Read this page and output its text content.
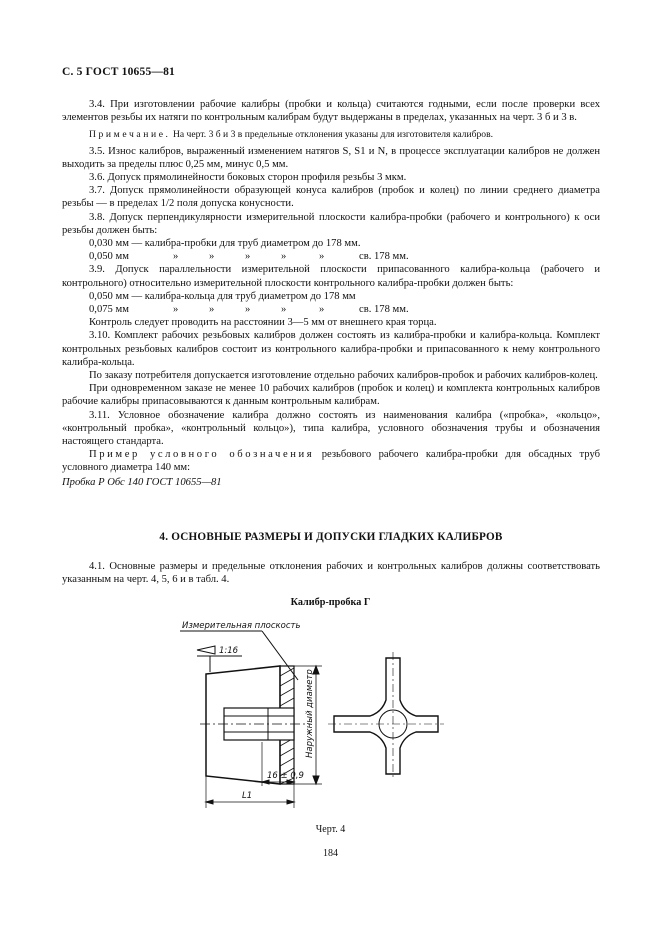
С. 5 ГОСТ 10655—81

3.4. При изготовлении рабочие калибры (пробки и кольца) считаются годными, если после проверки всех элементов резьбы их натяги по контрольным калибрам будут выдержаны в пределах, указанных на черт. 3 б и 3 в.

Примечание. На черт. 3 б и 3 в предельные отклонения указаны для изготовителя калибров.

3.5. Износ калибров, выраженный изменением натягов S, S1 и N, в процессе эксплуатации калибров не должен выходить за пределы плюс 0,25 мм, минус 0,5 мм.

3.6. Допуск прямолинейности боковых сторон профиля резьбы 3 мкм.

3.7. Допуск прямолинейности образующей конуса калибров (пробок и колец) по линии среднего диаметра резьбы — в пределах 1/2 поля допуска конусности.

3.8. Допуск перпендикулярности измерительной плоскости калибра-пробки (рабочего и контрольного) к оси резьбы должен быть:

0,030 мм — калибра-пробки для труб диаметром до 178 мм.

0,050 мм	»	»	»	»	»	св. 178 мм.

3.9. Допуск параллельности измерительной плоскости припасованного калибра-кольца (рабочего и контрольного) относительно измерительной плоскости контрольного калибра-пробки должен быть:

0,050 мм — калибра-кольца для труб диаметром до 178 мм

0,075 мм	»	»	»	»	»	св. 178 мм.

Контроль следует проводить на расстоянии 3—5 мм от внешнего края торца.

3.10. Комплект рабочих резьбовых калибров должен состоять из калибра-пробки и калибра-кольца. Комплект контрольных резьбовых калибров состоит из контрольного калибра-пробки и припасованного к нему контрольного калибра-кольца.

По заказу потребителя допускается изготовление отдельно рабочих калибров-пробок и рабочих калибров-колец.

При одновременном заказе не менее 10 рабочих калибров (пробок и колец) и комплекта контрольных калибров рабочие калибры припасовываются к данным контрольным калибрам.

3.11. Условное обозначение калибра должно состоять из наименования калибра («пробка», «кольцо», «контрольный пробка», «контрольный кольцо»), типа калибра, условного обозначения трубы и обозначения настоящего стандарта.

Пример условного обозначения резьбового рабочего калибра-пробки для обсадных труб условного диаметра 140 мм:

Пробка Р Обс 140 ГОСТ 10655—81

4. ОСНОВНЫЕ РАЗМЕРЫ И ДОПУСКИ ГЛАДКИХ КАЛИБРОВ

4.1. Основные размеры и предельные отклонения рабочих и контрольных калибров должны соответствовать указанным на черт. 4, 5, 6 и в табл. 4.

Калибр-пробка Г
Измерительная плоскость
1:16
Наружный диаметр
16 ± 0,9
L1
Черт. 4
184
